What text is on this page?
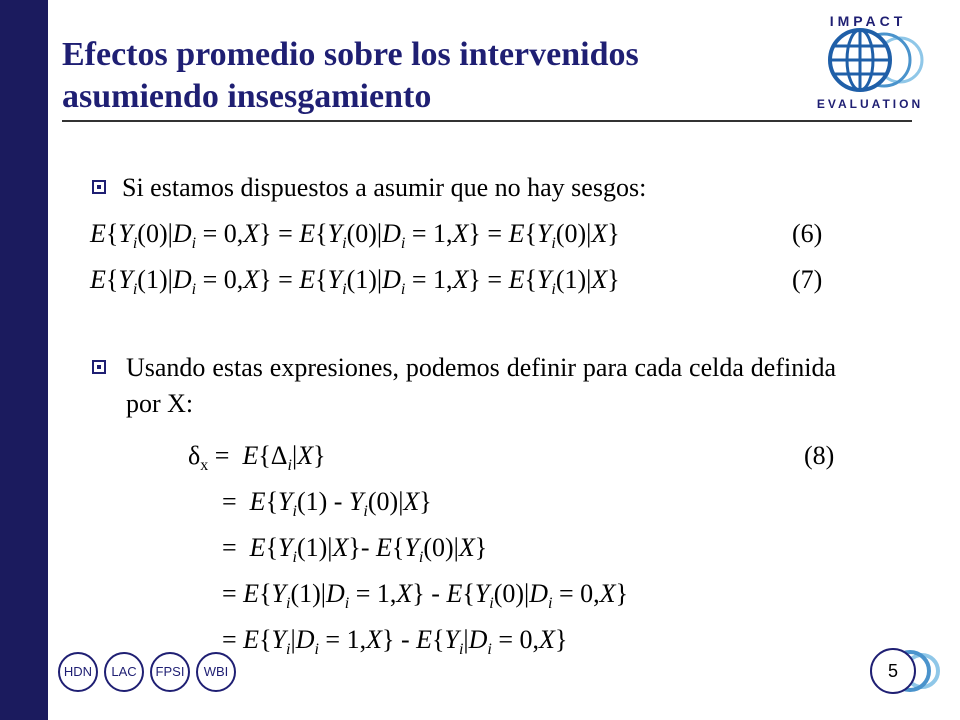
Efectos promedio sobre los intervenidos
asumiendo insesgamiento
IMPACT
EVALUATION
Si estamos dispuestos a asumir que no hay sesgos:
$E\{Y_i(0)|D_i = 0,X\} = E\{Y_i(0)|D_i = 1,X\} = E\{Y_i(0)|X\}$	(6)
$E\{Y_i(1)|D_i = 0,X\} = E\{Y_i(1)|D_i = 1,X\} = E\{Y_i(1)|X\}$	(7)
Usando estas expresiones, podemos definir para cada celda definida por X:
$\delta_x = E\{\Delta_i|X\}$	(8)
=  $E\{Y_i(1) - Y_i(0)|X\}$
=  $E\{Y_i(1)|X\}-$ $E\{Y_i(0)|X\}$
= $E\{Y_i(1)|D_i = 1,X\} - E\{Y_i(0)|D_i = 0,X\}$
= $E\{Y_i|D_i = 1,X\} - E\{Y_i|D_i = 0,X\}$
HDN	LAC	FPSI	WBI	5
